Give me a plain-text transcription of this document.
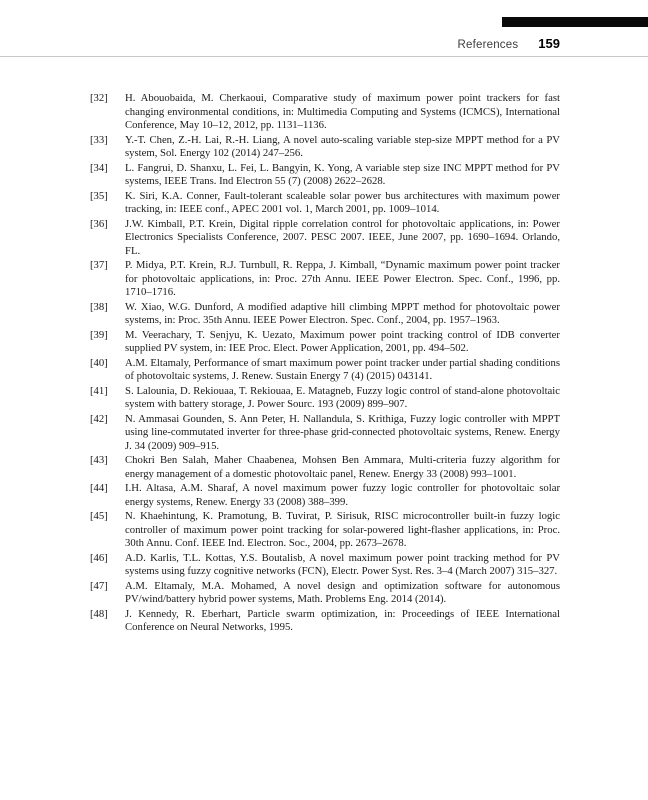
References 159
[32] H. Abouobaida, M. Cherkaoui, Comparative study of maximum power point trackers for fast changing environmental conditions, in: Multimedia Computing and Systems (ICMCS), International Conference, May 10–12, 2012, pp. 1131–1136.
[33] Y.-T. Chen, Z.-H. Lai, R.-H. Liang, A novel auto-scaling variable step-size MPPT method for a PV system, Sol. Energy 102 (2014) 247–256.
[34] L. Fangrui, D. Shanxu, L. Fei, L. Bangyin, K. Yong, A variable step size INC MPPT method for PV systems, IEEE Trans. Ind Electron 55 (7) (2008) 2622–2628.
[35] K. Siri, K.A. Conner, Fault-tolerant scaleable solar power bus architectures with maximum power tracking, in: IEEE conf., APEC 2001 vol. 1, March 2001, pp. 1009–1014.
[36] J.W. Kimball, P.T. Krein, Digital ripple correlation control for photovoltaic applications, in: Power Electronics Specialists Conference, 2007. PESC 2007. IEEE, June 2007, pp. 1690–1694. Orlando, FL.
[37] P. Midya, P.T. Krein, R.J. Turnbull, R. Reppa, J. Kimball, “Dynamic maximum power point tracker for photovoltaic applications, in: Proc. 27th Annu. IEEE Power Electron. Spec. Conf., 1996, pp. 1710–1716.
[38] W. Xiao, W.G. Dunford, A modified adaptive hill climbing MPPT method for photovoltaic power systems, in: Proc. 35th Annu. IEEE Power Electron. Spec. Conf., 2004, pp. 1957–1963.
[39] M. Veerachary, T. Senjyu, K. Uezato, Maximum power point tracking control of IDB converter supplied PV system, in: IEE Proc. Elect. Power Application, 2001, pp. 494–502.
[40] A.M. Eltamaly, Performance of smart maximum power point tracker under partial shading conditions of photovoltaic systems, J. Renew. Sustain Energy 7 (4) (2015) 043141.
[41] S. Lalounia, D. Rekiouaa, T. Rekiouaa, E. Matagneb, Fuzzy logic control of stand-alone photovoltaic system with battery storage, J. Power Sourc. 193 (2009) 899–907.
[42] N. Ammasai Gounden, S. Ann Peter, H. Nallandula, S. Krithiga, Fuzzy logic controller with MPPT using line-commutated inverter for three-phase grid-connected photovoltaic systems, Renew. Energy J. 34 (2009) 909–915.
[43] Chokri Ben Salah, Maher Chaabenea, Mohsen Ben Ammara, Multi-criteria fuzzy algorithm for energy management of a domestic photovoltaic panel, Renew. Energy 33 (2008) 993–1001.
[44] I.H. Altasa, A.M. Sharaf, A novel maximum power fuzzy logic controller for photovoltaic solar energy systems, Renew. Energy 33 (2008) 388–399.
[45] N. Khaehintung, K. Pramotung, B. Tuvirat, P. Sirisuk, RISC microcontroller built-in fuzzy logic controller of maximum power point tracking for solar-powered light-flasher applications, in: Proc. 30th Annu. Conf. IEEE Ind. Electron. Soc., 2004, pp. 2673–2678.
[46] A.D. Karlis, T.L. Kottas, Y.S. Boutalisb, A novel maximum power point tracking method for PV systems using fuzzy cognitive networks (FCN), Electr. Power Syst. Res. 3–4 (March 2007) 315–327.
[47] A.M. Eltamaly, M.A. Mohamed, A novel design and optimization software for autonomous PV/wind/battery hybrid power systems, Math. Problems Eng. 2014 (2014).
[48] J. Kennedy, R. Eberhart, Particle swarm optimization, in: Proceedings of IEEE International Conference on Neural Networks, 1995.
